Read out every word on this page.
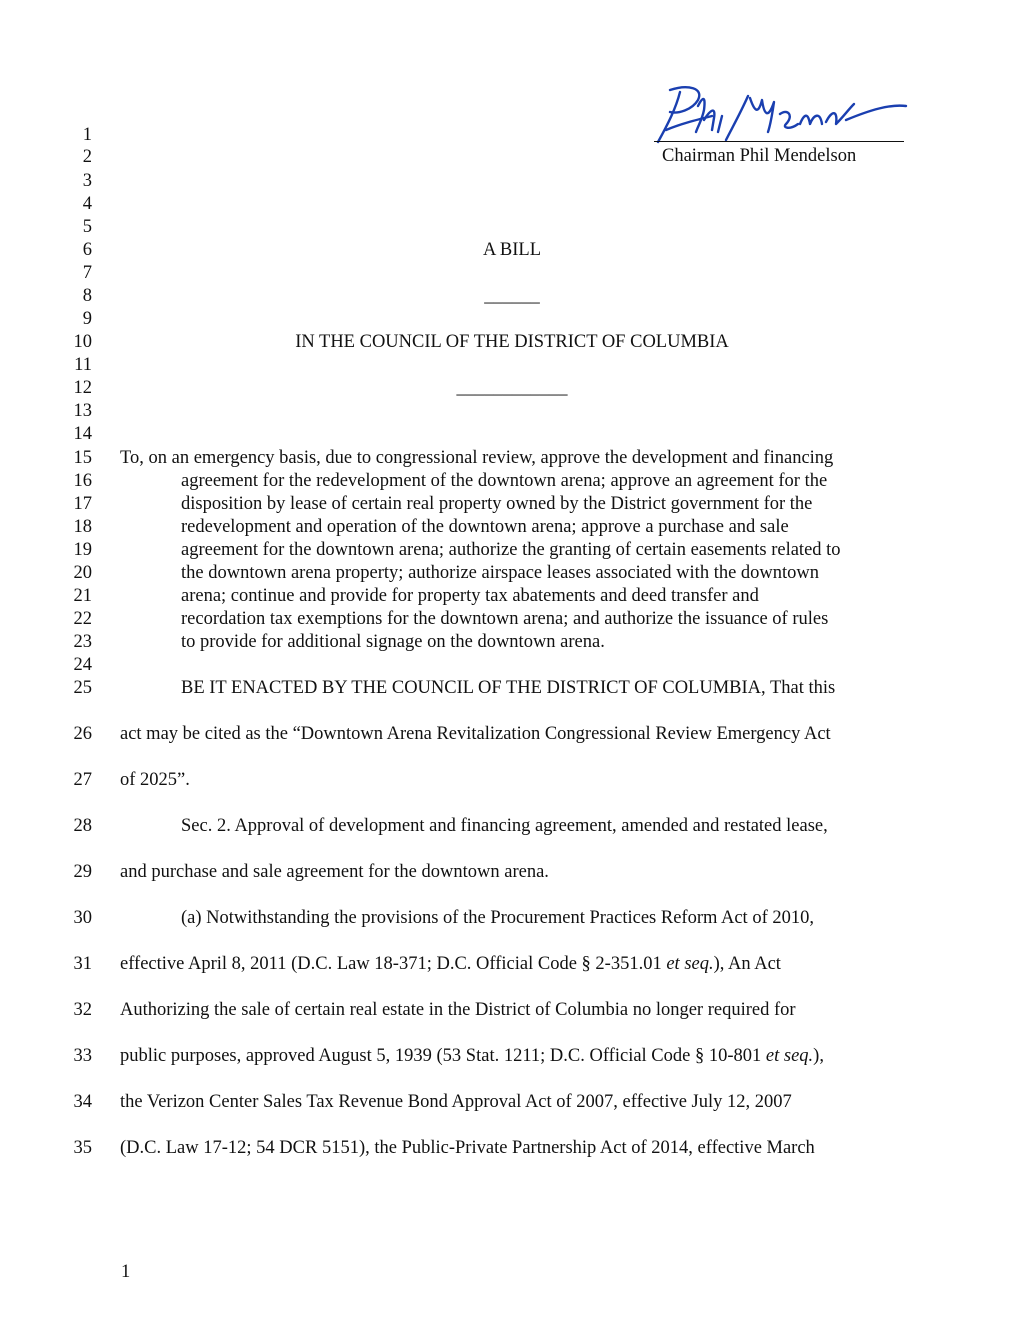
Chairman Phil Mendelson
1
2
3
4
5
6
7
8
9
10
11
12
13
14
15
16
17
18
19
20
21
22
23
24
25
26
27
28
29
30
31
32
33
34
35
A BILL
______
IN THE COUNCIL OF THE DISTRICT OF COLUMBIA
____________
To, on an emergency basis, due to congressional review, approve the development and financing
agreement for the redevelopment of the downtown arena; approve an agreement for the
disposition by lease of certain real property owned by the District government for the
redevelopment and operation of the downtown arena; approve a purchase and sale
agreement for the downtown arena; authorize the granting of certain easements related to
the downtown arena property; authorize airspace leases associated with the downtown
arena; continue and provide for property tax abatements and deed transfer and
recordation tax exemptions for the downtown arena; and authorize the issuance of rules
to provide for additional signage on the downtown arena.
BE IT ENACTED BY THE COUNCIL OF THE DISTRICT OF COLUMBIA, That this
act may be cited as the “Downtown Arena Revitalization Congressional Review Emergency Act
of 2025”.
Sec. 2. Approval of development and financing agreement, amended and restated lease,
and purchase and sale agreement for the downtown arena.
(a) Notwithstanding the provisions of the Procurement Practices Reform Act of 2010,
effective April 8, 2011 (D.C. Law 18-371; D.C. Official Code § 2-351.01 et seq.), An Act
Authorizing the sale of certain real estate in the District of Columbia no longer required for
public purposes, approved August 5, 1939 (53 Stat. 1211; D.C. Official Code § 10-801 et seq.),
the Verizon Center Sales Tax Revenue Bond Approval Act of 2007, effective July 12, 2007
(D.C. Law 17-12; 54 DCR 5151), the Public-Private Partnership Act of 2014, effective March
1
